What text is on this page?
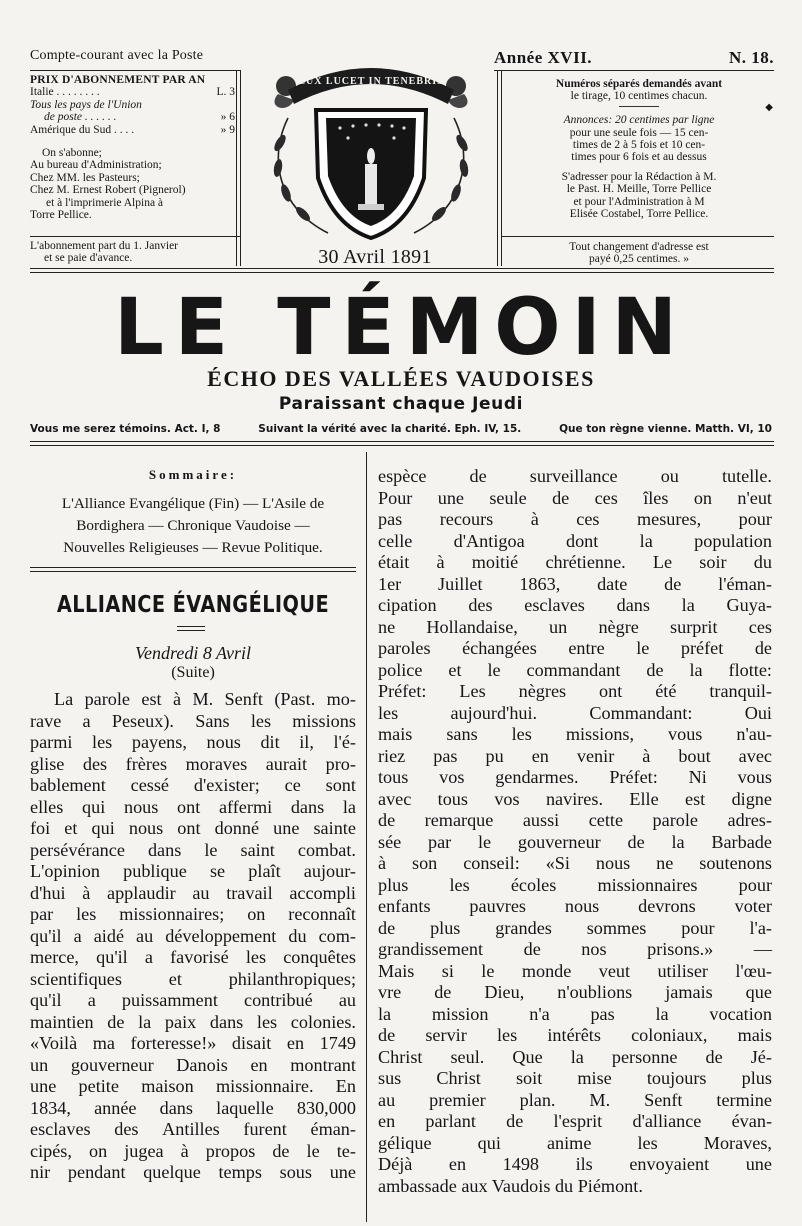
Compte-courant avec la Poste	Année XVII.	N. 18.
PRIX D'ABONNEMENT PAR AN
Italie . . . . . . . .	L. 3
Tous les pays de l'Union
de poste . . . . . .	» 6
Amérique du Sud . . . .	» 9
On s'abonne;
Au bureau d'Administration;
Chez MM. les Pasteurs;
Chez M. Ernest Robert (Pignerol)
et à l'imprimerie Alpina à
Torre Pellice.
L'abonnement part du 1. Janvier
et se paie d'avance.

Numéros séparés demandés avant

le tirage, 10 centimes chacun.

◆

Annonces: 20 centimes par ligne

pour une seule fois — 15 cen-

times de 2 à 5 fois et 10 cen-

times pour 6 fois et au dessus

S'adresser pour la Rédaction à M.

le Past. H. Meille, Torre Pellice

et pour l'Administration à M

Elisée Costabel, Torre Pellice.

Tout changement d'adresse est

payé 0,25 centimes. »

LUX LUCET IN TENEBRIS
30 Avril 1891
LE TÉMOIN
ÉCHO DES VALLÉES VAUDOISES
Paraissant chaque Jeudi
Vous me serez témoins. Act. I, 8	Suivant la vérité avec la charité. Eph. IV, 15.	Que ton règne vienne. Matth. VI, 10
Sommaire:
L'Alliance Evangélique (Fin) — L'Asile de
Bordighera — Chronique Vaudoise —
Nouvelles Religieuses — Revue Politique.
ALLIANCE ÉVANGÉLIQUE
Vendredi 8 Avril
(Suite)
La parole est à M. Senft (Past. mo-
rave a Peseux). Sans les missions
parmi les payens, nous dit il, l'é-
glise des frères moraves aurait pro-
bablement cessé d'exister; ce sont
elles qui nous ont affermi dans la
foi et qui nous ont donné une sainte
persévérance dans le saint combat.
L'opinion publique se plaît aujour-
d'hui à applaudir au travail accompli
par les missionnaires; on reconnaît
qu'il a aidé au développement du com-
merce, qu'il a favorisé les conquêtes
scientifiques	et	philanthropiques;
qu'il a puissamment contribué au
maintien de la paix dans les colonies.
«Voilà ma forteresse!» disait en 1749
un gouverneur Danois en montrant
une petite maison missionnaire. En
1834, année dans laquelle 830,000
esclaves des Antilles furent éman-
cipés, on jugea à propos de le te-
nir pendant quelque temps sous une
espèce de surveillance ou tutelle.
Pour une seule de ces îles on n'eut
pas recours à ces mesures, pour
celle d'Antigoa dont la population
était à moitié chrétienne. Le soir du
1er Juillet 1863, date de l'éman-
cipation des esclaves dans la Guya-
ne Hollandaise, un nègre surprit ces
paroles échangées entre le préfet de
police et le commandant de la flotte:
Préfet: Les nègres ont été tranquil-
les	aujourd'hui.	Commandant:	Oui
mais sans les missions, vous n'au-
riez pas pu en venir à bout avec
tous vos gendarmes. Préfet: Ni vous
avec tous vos navires. Elle est digne
de remarque aussi cette parole adres-
sée par le gouverneur de la Barbade
à son conseil: «Si nous ne soutenons
plus les écoles missionnaires pour
enfants pauvres nous devrons voter
de plus grandes sommes pour l'a-
grandissement de nos prisons.» —
Mais si le monde veut utiliser l'œu-
vre de Dieu, n'oublions jamais que
la mission n'a pas la vocation
de servir les intérêts coloniaux, mais
Christ seul. Que la personne de Jé-
sus Christ soit mise toujours plus
au premier plan. M. Senft termine
en parlant de l'esprit d'alliance évan-
gélique	qui	anime	les	Moraves,
Déjà en 1498 ils envoyaient une
ambassade aux Vaudois du Piémont.
